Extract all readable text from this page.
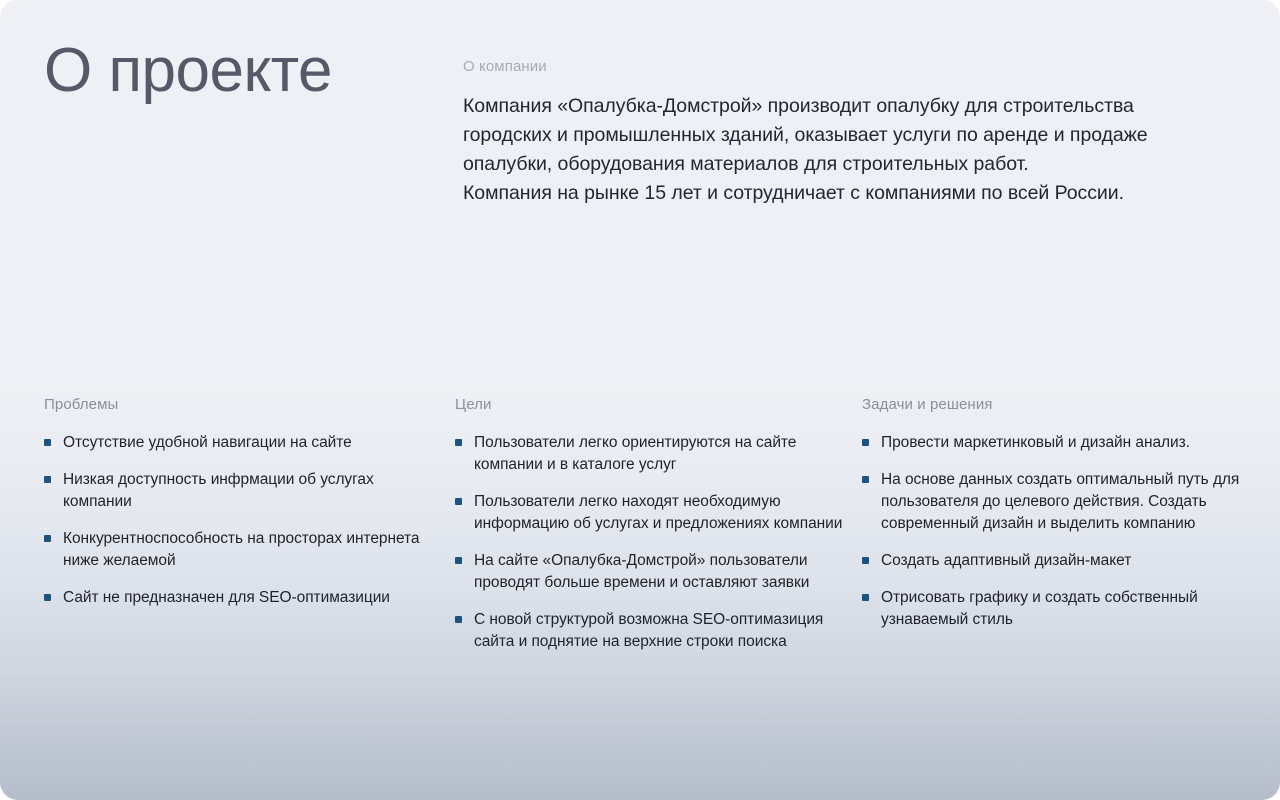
О проекте	О компании

Компания «Опалубка-Домстрой» производит опалубку для строительства городских и промышленных зданий, оказывает услуги по аренде и продаже опалубки, оборудования материалов для строительных работ.
Компания на рынке 15 лет и сотрудничает с компаниями по всей России.

Проблемы

Отсутствие удобной навигации на сайте
Низкая доступность инфрмации об услугах компании
Конкурентноспособность на просторах интернета ниже желаемой
Сайт не предназначен для SEO-оптимазиции

Цели

Пользователи легко ориентируются на сайте компании и в каталоге услуг
Пользователи легко находят необходимую информацию об услугах и предложениях компании
На сайте «Опалубка-Домстрой» пользователи проводят больше времени и оставляют заявки
С новой структурой возможна SEO-оптимазиция сайта и поднятие на верхние строки поиска

Задачи и решения

Провести маркетинковый и дизайн анализ.
На основе данных создать оптимальный путь для пользователя до целевого действия. Создать современный дизайн и выделить компанию
Создать адаптивный дизайн-макет
Отрисовать графику и создать собственный узнаваемый стиль
